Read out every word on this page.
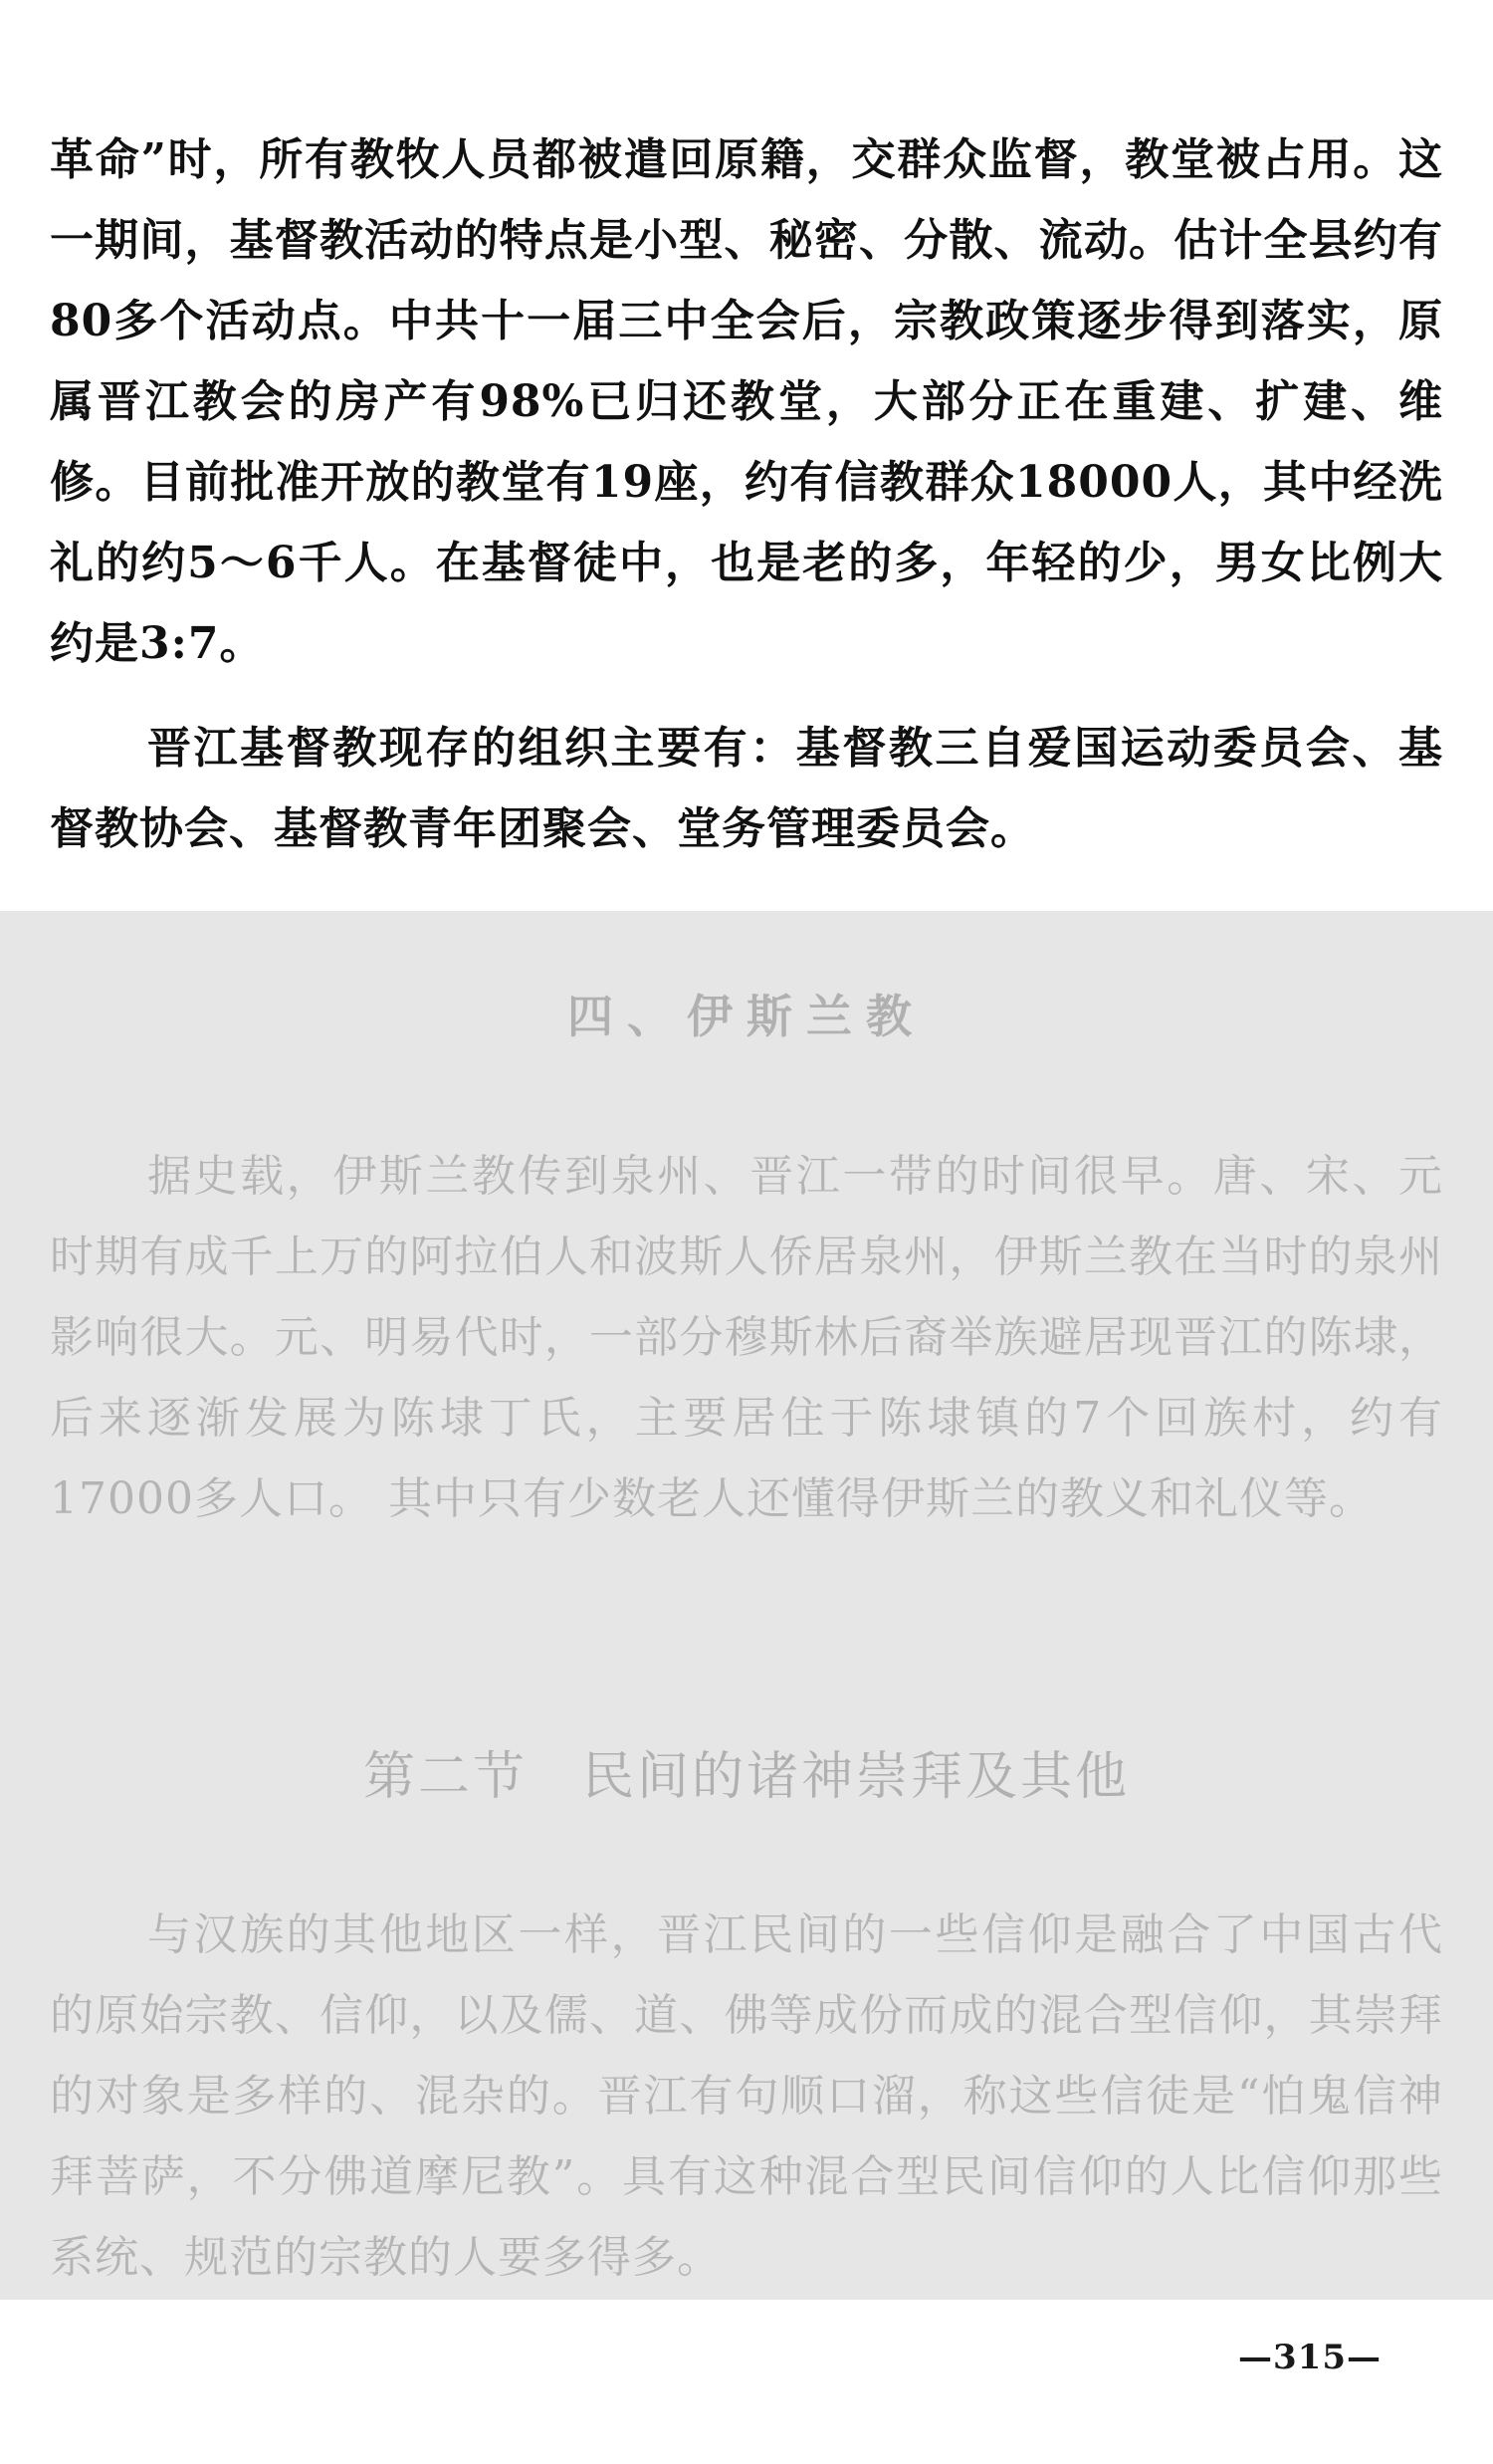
革命”时，所有教牧人员都被遣回原籍，交群众监督，教堂被占用。这一期间，基督教活动的特点是小型、秘密、分散、流动。估计全县约有80多个活动点。中共十一届三中全会后，宗教政策逐步得到落实，原属晋江教会的房产有98%已归还教堂，大部分正在重建、扩建、维修。目前批准开放的教堂有19座，约有信教群众18000人，其中经洗礼的约5～6千人。在基督徒中，也是老的多，年轻的少，男女比例大约是3:7。

晋江基督教现存的组织主要有：基督教三自爱国运动委员会、基督教协会、基督教青年团聚会、堂务管理委员会。

四、伊斯兰教

据史载，伊斯兰教传到泉州、晋江一带的时间很早。唐、宋、元时期有成千上万的阿拉伯人和波斯人侨居泉州，伊斯兰教在当时的泉州影响很大。元、明易代时，一部分穆斯林后裔举族避居现晋江的陈埭，后来逐渐发展为陈埭丁氏，主要居住于陈埭镇的7个回族村，约有17000多人口。 其中只有少数老人还懂得伊斯兰的教义和礼仪等。

第二节　民间的诸神崇拜及其他

与汉族的其他地区一样，晋江民间的一些信仰是融合了中国古代的原始宗教、信仰，以及儒、道、佛等成份而成的混合型信仰，其崇拜的对象是多样的、混杂的。晋江有句顺口溜，称这些信徒是“怕鬼信神拜菩萨，不分佛道摩尼教”。具有这种混合型民间信仰的人比信仰那些系统、规范的宗教的人要多得多。

—315—
